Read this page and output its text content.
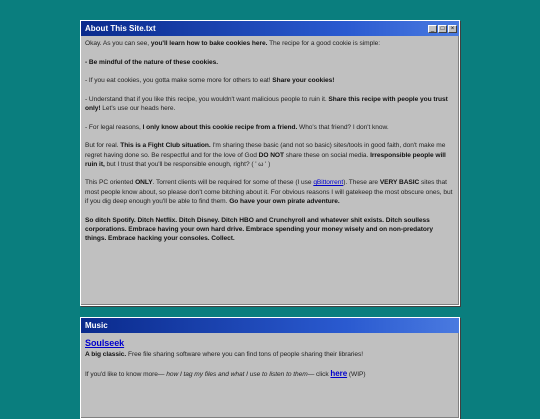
About This Site.txt	_	□	×

Okay. As you can see, you'll learn how to bake cookies here. The recipe for a good cookie is simple:

- Be mindful of the nature of these cookies.

- If you eat cookies, you gotta make some more for others to eat! Share your cookies!

- Understand that if you like this recipe, you wouldn't want malicious people to ruin it. Share this recipe with people you trust only! Let's use our heads here.

- For legal reasons, I only know about this cookie recipe from a friend. Who's that friend? I don't know.

But for real. This is a Fight Club situation. I'm sharing these basic (and not so basic) sites/tools in good faith, don't make me regret having done so. Be respectful and for the love of God DO NOT share these on social media. Irresponsible people will ruin it, but I trust that you'll be responsible enough, right? ( ' ω ' )

This PC oriented ONLY. Torrent clients will be required for some of these (I use qBittorrent). These are VERY BASIC sites that most people know about, so please don't come bitching about it. For obvious reasons I will gatekeep the most obscure ones, but if you dig deep enough you'll be able to find them. Go have your own pirate adventure.

So ditch Spotify. Ditch Netflix. Ditch Disney. Ditch HBO and Crunchyroll and whatever shit exists. Ditch soulless corporations. Embrace having your own hard drive. Embrace spending your money wisely and on non-predatory things. Embrace hacking your consoles. Collect.

Music
Soulseek

A big classic. Free file sharing software where you can find tons of people sharing their libraries!

If you'd like to know more— how I tag my files and what I use to listen to them— click here (WIP)
